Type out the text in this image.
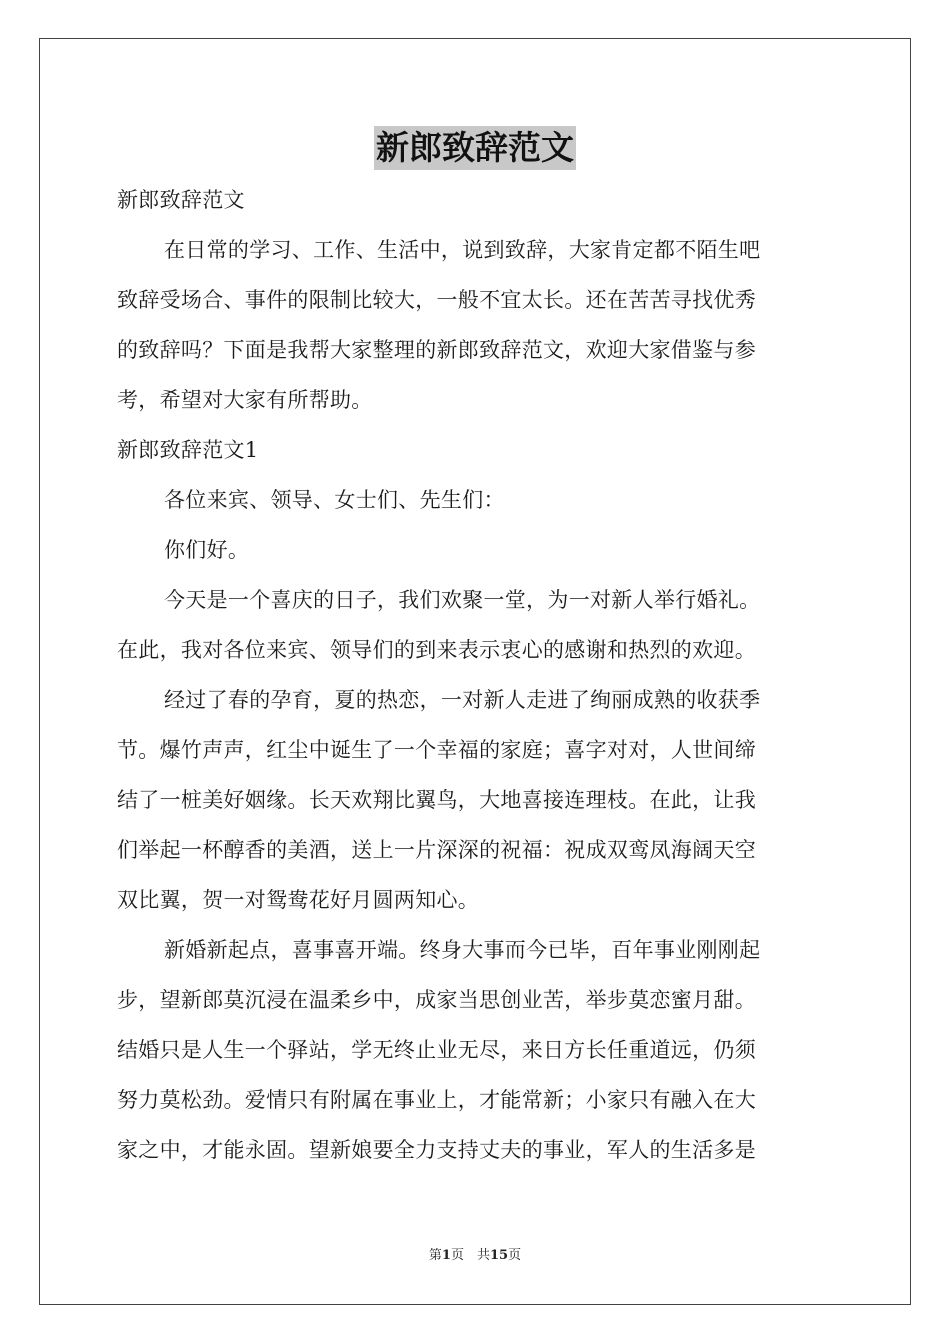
新郎致辞范文
新郎致辞范文
在日常的学习、工作、生活中，说到致辞，大家肯定都不陌生吧
致辞受场合、事件的限制比较大，一般不宜太长。还在苦苦寻找优秀
的致辞吗？下面是我帮大家整理的新郎致辞范文，欢迎大家借鉴与参
考，希望对大家有所帮助。
新郎致辞范文1
各位来宾、领导、女士们、先生们：
你们好。
今天是一个喜庆的日子，我们欢聚一堂，为一对新人举行婚礼。
在此，我对各位来宾、领导们的到来表示衷心的感谢和热烈的欢迎。
经过了春的孕育，夏的热恋，一对新人走进了绚丽成熟的收获季
节。爆竹声声，红尘中诞生了一个幸福的家庭；喜字对对，人世间缔
结了一桩美好姻缘。长天欢翔比翼鸟，大地喜接连理枝。在此，让我
们举起一杯醇香的美酒，送上一片深深的祝福：祝成双鸾凤海阔天空
双比翼，贺一对鸳鸯花好月圆两知心。
新婚新起点，喜事喜开端。终身大事而今已毕，百年事业刚刚起
步，望新郎莫沉浸在温柔乡中，成家当思创业苦，举步莫恋蜜月甜。
结婚只是人生一个驿站，学无终止业无尽，来日方长任重道远，仍须
努力莫松劲。爱情只有附属在事业上，才能常新；小家只有融入在大
家之中，才能永固。望新娘要全力支持丈夫的事业，军人的生活多是
第1页　共15页
